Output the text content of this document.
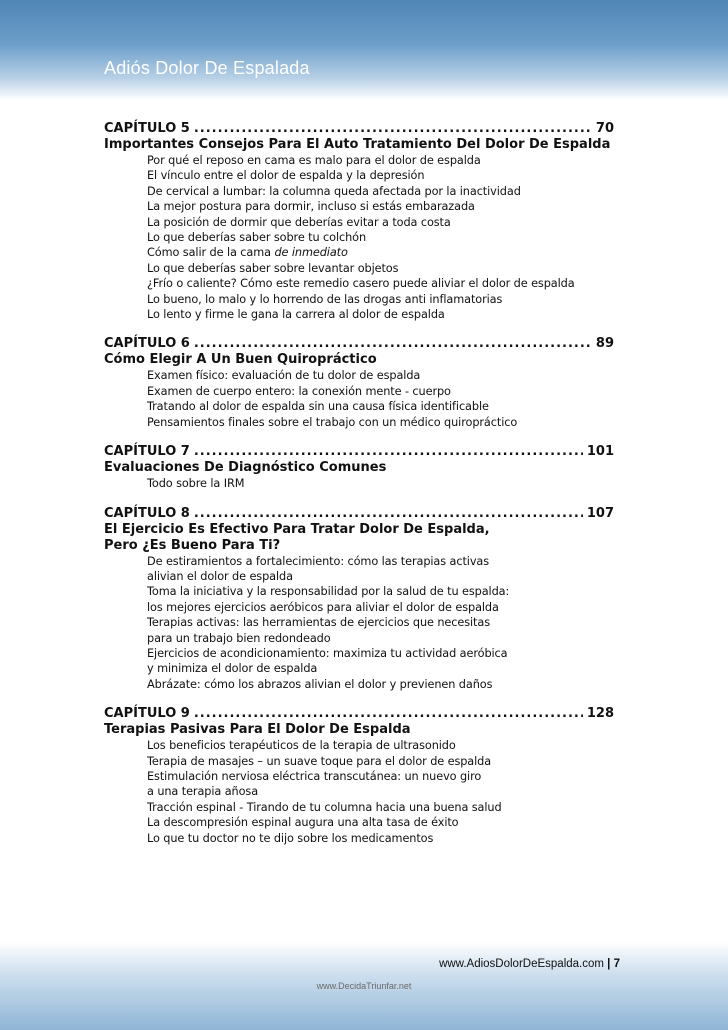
Adiós Dolor De Espalada
CAPÍTULO 5 .....	70
Importantes Consejos Para El Auto Tratamiento Del Dolor De Espalda
Por qué el reposo en cama es malo para el dolor de espalda
El vínculo entre el dolor de espalda y la depresión
De cervical a lumbar: la columna queda afectada por la inactividad
La mejor postura para dormir, incluso si estás embarazada
La posición de dormir que deberías evitar a toda costa
Lo que deberías saber sobre tu colchón
Cómo salir de la cama de inmediato
Lo que deberías saber sobre levantar objetos
¿Frío o caliente? Cómo este remedio casero puede aliviar el dolor de espalda
Lo bueno, lo malo y lo horrendo de las drogas anti inflamatorias
Lo lento y firme le gana la carrera al dolor de espalda
CAPÍTULO 6 .....	89
Cómo Elegir A Un Buen Quiropráctico
Examen físico: evaluación de tu dolor de espalda
Examen de cuerpo entero: la conexión mente - cuerpo
Tratando al dolor de espalda sin una causa física identificable
Pensamientos finales sobre el trabajo con un médico quiropráctico
CAPÍTULO 7 .....	101
Evaluaciones De Diagnóstico Comunes
Todo sobre la IRM
CAPÍTULO 8 .....	107
El Ejercicio Es Efectivo Para Tratar Dolor De Espalda,
Pero ¿Es Bueno Para Ti?
De estiramientos a fortalecimiento: cómo las terapias activas
alivian el dolor de espalda
Toma la iniciativa y la responsabilidad por la salud de tu espalda:
los mejores ejercicios aeróbicos para aliviar el dolor de espalda
Terapias activas: las herramientas de ejercicios que necesitas
para un trabajo bien redondeado
Ejercicios de acondicionamiento: maximiza tu actividad aeróbica
y minimiza el dolor de espalda
Abrázate: cómo los abrazos alivian el dolor y previenen daños
CAPÍTULO 9 .....	128
Terapias Pasivas Para El Dolor De Espalda
Los beneficios terapéuticos de la terapia de ultrasonido
Terapia de masajes – un suave toque para el dolor de espalda
Estimulación nerviosa eléctrica transcutánea: un nuevo giro
a una terapia añosa
Tracción espinal - Tirando de tu columna hacia una buena salud
La descompresión espinal augura una alta tasa de éxito
Lo que tu doctor no te dijo sobre los medicamentos
www.AdiosDolorDeEspalda.com | 7
www.DecidaTriunfar.net
